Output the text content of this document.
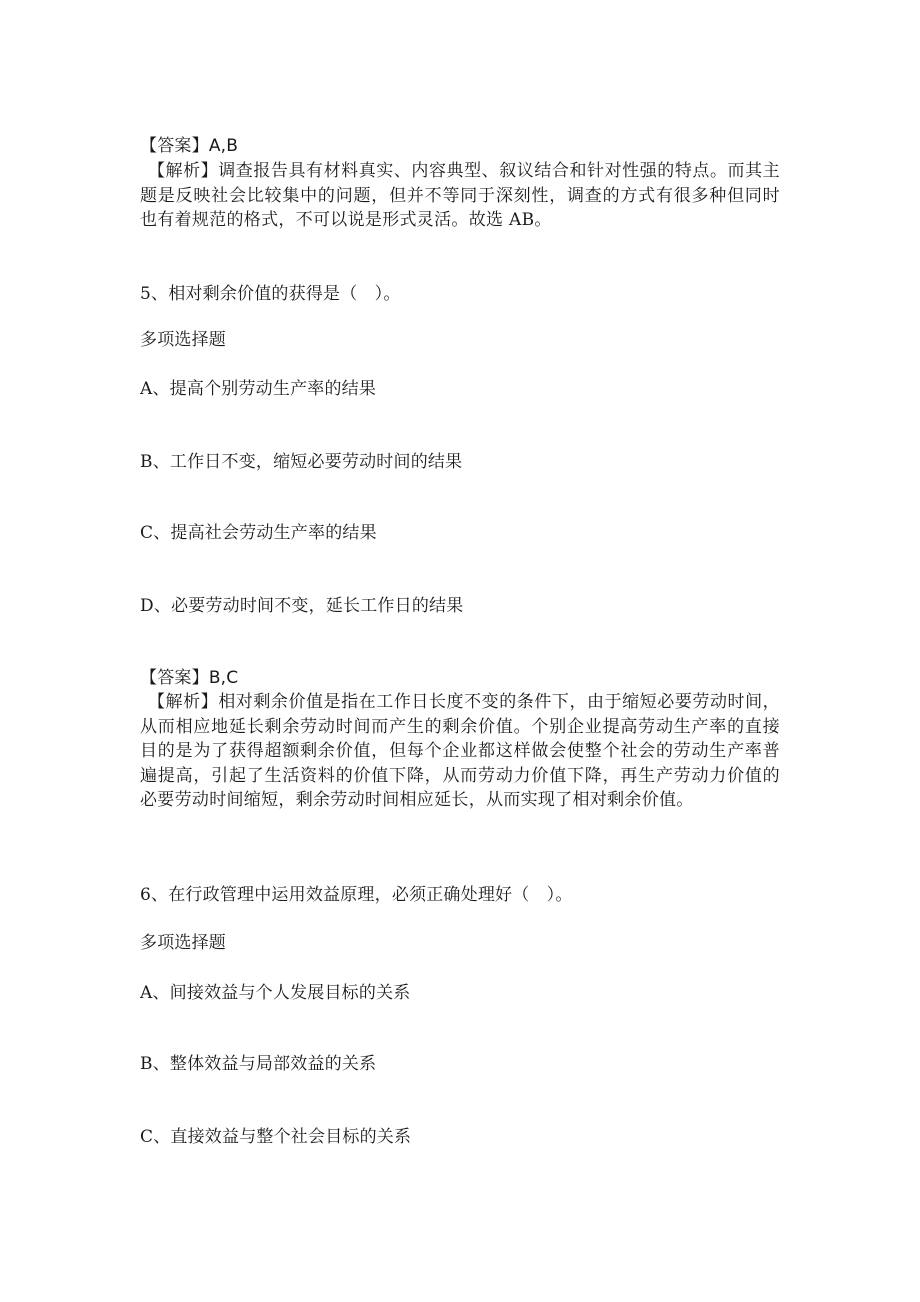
【答案】A,B
【解析】调查报告具有材料真实、内容典型、叙议结合和针对性强的特点。而其主题是反映社会比较集中的问题，但并不等同于深刻性，调查的方式有很多种但同时也有着规范的格式，不可以说是形式灵活。故选 AB。
5、相对剩余价值的获得是（　）。
多项选择题
A、提高个别劳动生产率的结果
B、工作日不变，缩短必要劳动时间的结果
C、提高社会劳动生产率的结果
D、必要劳动时间不变，延长工作日的结果
【答案】B,C
【解析】相对剩余价值是指在工作日长度不变的条件下，由于缩短必要劳动时间，从而相应地延长剩余劳动时间而产生的剩余价值。个别企业提高劳动生产率的直接目的是为了获得超额剩余价值，但每个企业都这样做会使整个社会的劳动生产率普遍提高，引起了生活资料的价值下降，从而劳动力价值下降，再生产劳动力价值的必要劳动时间缩短，剩余劳动时间相应延长，从而实现了相对剩余价值。
6、在行政管理中运用效益原理，必须正确处理好（　）。
多项选择题
A、间接效益与个人发展目标的关系
B、整体效益与局部效益的关系
C、直接效益与整个社会目标的关系
